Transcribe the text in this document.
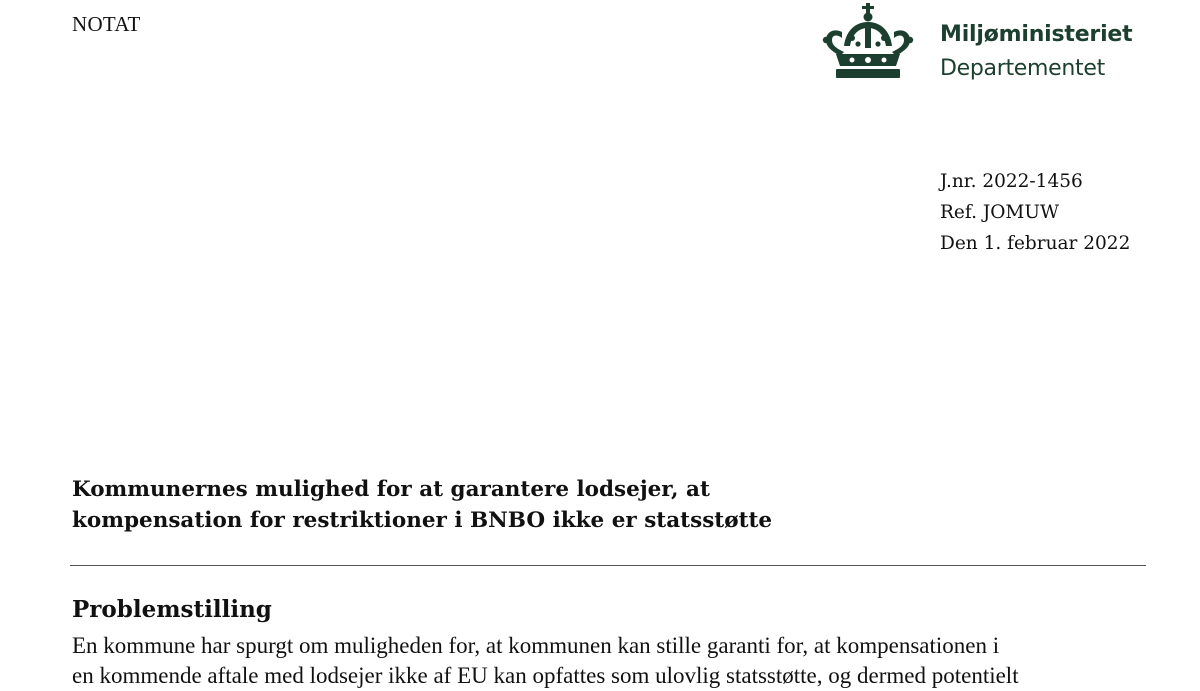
NOTAT	Miljøministeriet
Departementet
J.nr. 2022-1456
Ref. JOMUW
Den 1. februar 2022
Kommunernes mulighed for at garantere lodsejer, at
kompensation for restriktioner i BNBO ikke er statsstøtte
Problemstilling
En kommune har spurgt om muligheden for, at kommunen kan stille garanti for, at kompensationen i
en kommende aftale med lodsejer ikke af EU kan opfattes som ulovlig statsstøtte, og dermed potentielt
